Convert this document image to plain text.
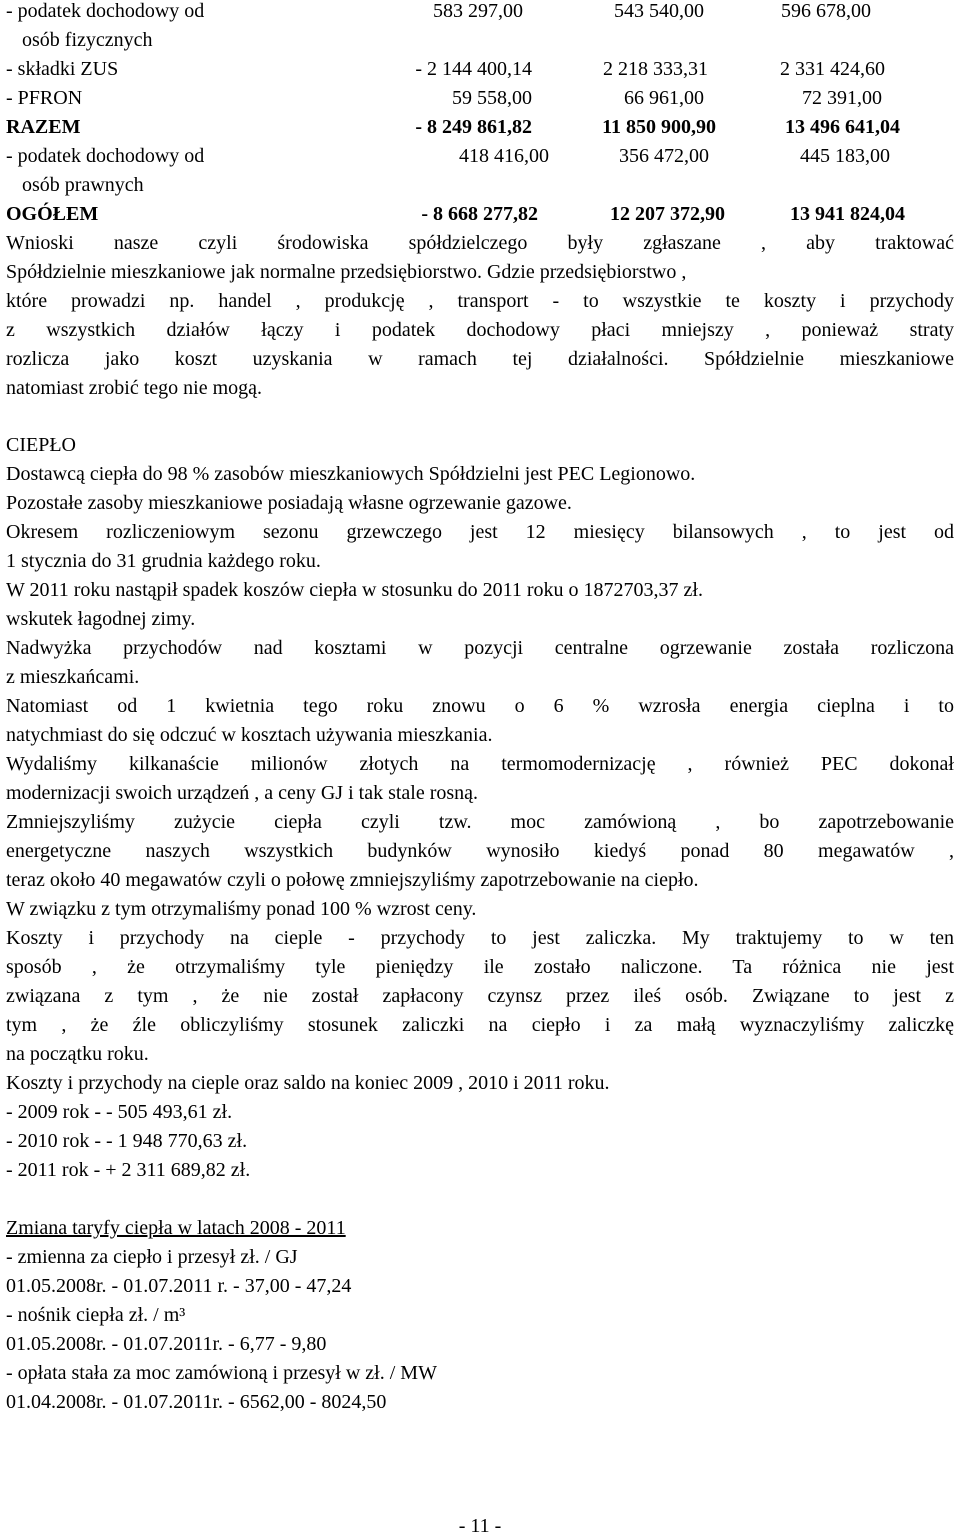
- podatek dochodowy od	583 297,00	543 540,00	596 678,00
osób fizycznych
- składki ZUS	- 2 144 400,14	2 218 333,31	2 331 424,60
- PFRON	59 558,00	66 961,00	72 391,00
RAZEM	- 8 249 861,82	11 850 900,90	13 496 641,04
- podatek dochodowy od	418 416,00	356 472,00	445 183,00
osób prawnych
OGÓŁEM	- 8 668 277,82	12 207 372,90	13 941 824,04
Wnioski nasze czyli środowiska spółdzielczego były zgłaszane , aby traktować
Spółdzielnie mieszkaniowe jak normalne przedsiębiorstwo. Gdzie przedsiębiorstwo ,
które prowadzi np. handel , produkcję , transport - to wszystkie te koszty i przychody
z wszystkich działów łączy i podatek dochodowy płaci mniejszy , ponieważ straty
rozlicza jako koszt uzyskania w ramach tej działalności. Spółdzielnie mieszkaniowe
natomiast zrobić tego nie mogą.
CIEPŁO
Dostawcą ciepła do 98 % zasobów mieszkaniowych Spółdzielni jest PEC Legionowo.
Pozostałe zasoby mieszkaniowe posiadają własne ogrzewanie gazowe.
Okresem rozliczeniowym sezonu grzewczego jest 12 miesięcy bilansowych , to jest od
1 stycznia do 31 grudnia każdego roku.
W 2011 roku nastąpił spadek koszów ciepła w stosunku do 2011 roku o 1872703,37 zł.
wskutek łagodnej zimy.
Nadwyżka przychodów nad kosztami w pozycji centralne ogrzewanie została rozliczona
z mieszkańcami.
Natomiast od 1 kwietnia tego roku znowu o 6 % wzrosła energia cieplna i to
natychmiast do się odczuć w kosztach używania mieszkania.
Wydaliśmy kilkanaście milionów złotych na termomodernizację , również PEC dokonał
modernizacji swoich urządzeń , a ceny GJ i tak stale rosną.
Zmniejszyliśmy zużycie ciepła czyli tzw. moc zamówioną , bo zapotrzebowanie
energetyczne naszych wszystkich budynków wynosiło kiedyś ponad 80 megawatów ,
teraz około 40 megawatów czyli o połowę zmniejszyliśmy zapotrzebowanie na ciepło.
W związku z tym otrzymaliśmy ponad 100 % wzrost ceny.
Koszty i przychody na cieple - przychody to jest zaliczka. My traktujemy to w ten
sposób , że otrzymaliśmy tyle pieniędzy ile zostało naliczone. Ta różnica nie jest
związana z tym , że nie został zapłacony czynsz przez ileś osób. Związane to jest z
tym , że źle obliczyliśmy stosunek zaliczki na ciepło i za małą wyznaczyliśmy zaliczkę
na początku roku.
Koszty i przychody na cieple oraz saldo na koniec 2009 , 2010 i 2011 roku.
- 2009 rok - - 505 493,61 zł.
- 2010 rok - - 1 948 770,63 zł.
- 2011 rok - + 2 311 689,82 zł.
Zmiana taryfy ciepła w latach 2008 - 2011
- zmienna za ciepło i przesył zł. / GJ
01.05.2008r. - 01.07.2011 r. - 37,00 - 47,24
- nośnik ciepła zł. / m³
01.05.2008r. - 01.07.2011r. - 6,77 - 9,80
- opłata stała za moc zamówioną i przesył w zł. / MW
01.04.2008r. - 01.07.2011r. - 6562,00 - 8024,50
- 11 -
